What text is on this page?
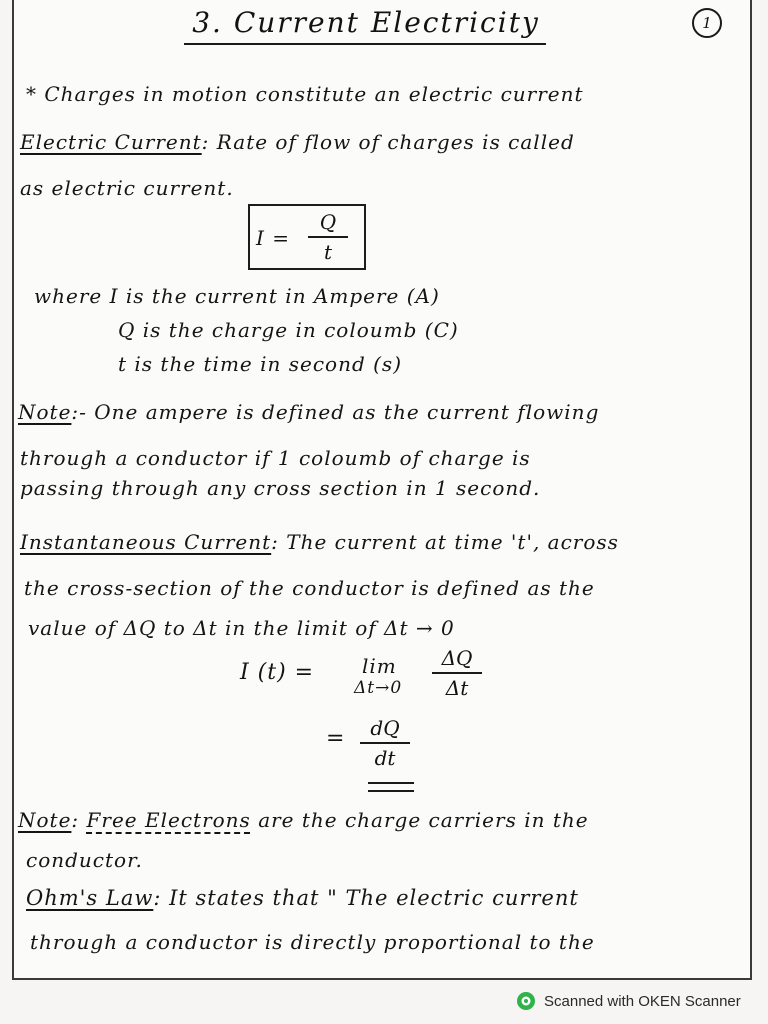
3. Current Electricity	1

* Charges in motion constitute an electric current

Electric Current: Rate of flow of charges is called

as electric current.

I =
Q
t

where I is the current in Ampere (A)

Q is the charge in coloumb (C)

t is the time in second (s)

Note:- One ampere is defined as the current flowing

through a conductor if 1 coloumb of charge is

passing through any cross section in 1 second.

Instantaneous Current: The current at time 't', across

the cross-section of the conductor is defined as the

value of ΔQ to Δt in the limit of Δt → 0

I (t) = lim
Δt→0
ΔQ
Δt
=	dQ
dt

Note: Free Electrons are the charge carriers in the

conductor.

Ohm's Law: It states that " The electric current

through a conductor is directly proportional to the

Scanned with OKEN Scanner
